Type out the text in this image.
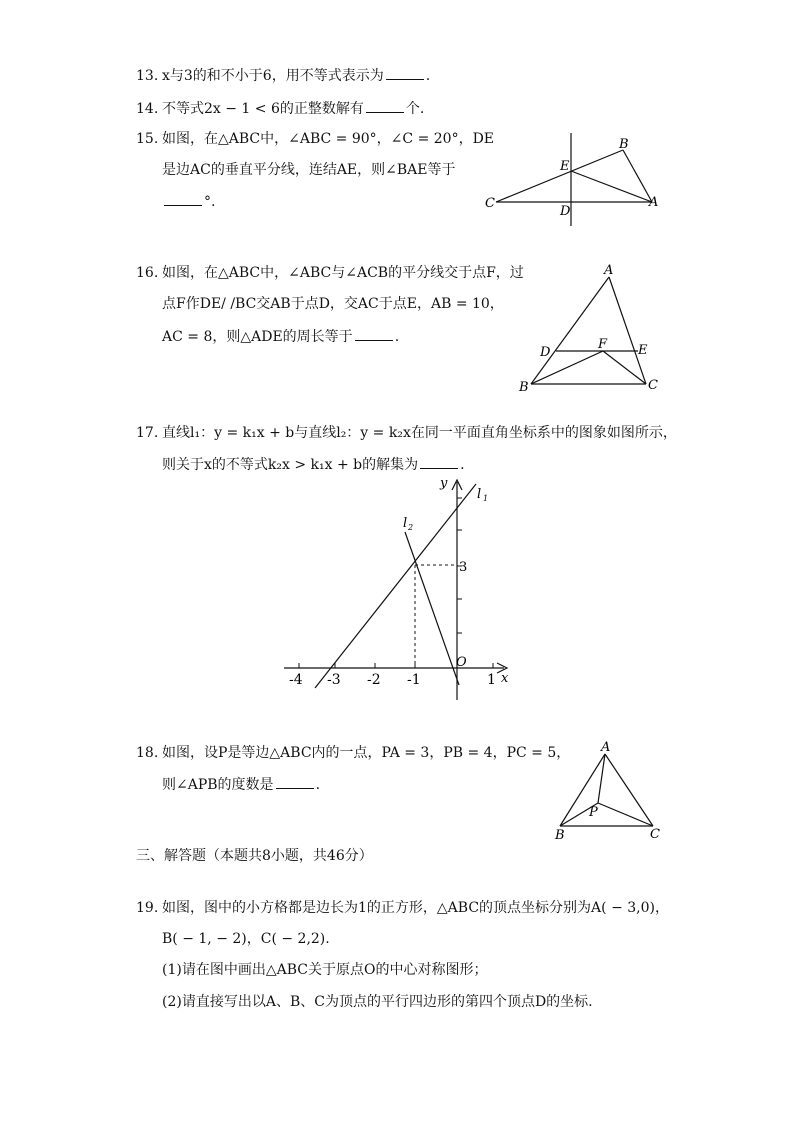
13. x与3的和不小于6，用不等式表示为	.
14. 不等式2x − 1 < 6的正整数解有	个.
15. 如图，在△ABC中，∠ABC = 90°，∠C = 20°，DE
是边AC的垂直平分线，连结AE，则∠BAE等于
°.
B
E
C
D
A
16. 如图，在△ABC中，∠ABC与∠ACB的平分线交于点F，过
点F作DE/ /BC交AB于点D，交AC于点E，AB = 10，
AC = 8，则△ADE的周长等于	.
A
D
F E
B	C
17. 直线l₁：y = k₁x + b与直线l₂：y = k₂x在同一平面直角坐标系中的图象如图所示，
则关于x的不等式k₂x > k₁x + b的解集为	.
y
l 1
l 2
3
O
x
-4 -3 -2 -1	1
18. 如图，设P是等边△ABC内的一点，PA = 3，PB = 4，PC = 5，
则∠APB的度数是	.
A
P
B	C
三、解答题（本题共8小题，共46分）
19. 如图，图中的小方格都是边长为1的正方形，△ABC的顶点坐标分别为A( − 3,0)，
B( − 1, − 2)，C( − 2,2).
(1)请在图中画出△ABC关于原点O的中心对称图形；
(2)请直接写出以A、B、C为顶点的平行四边形的第四个顶点D的坐标.
